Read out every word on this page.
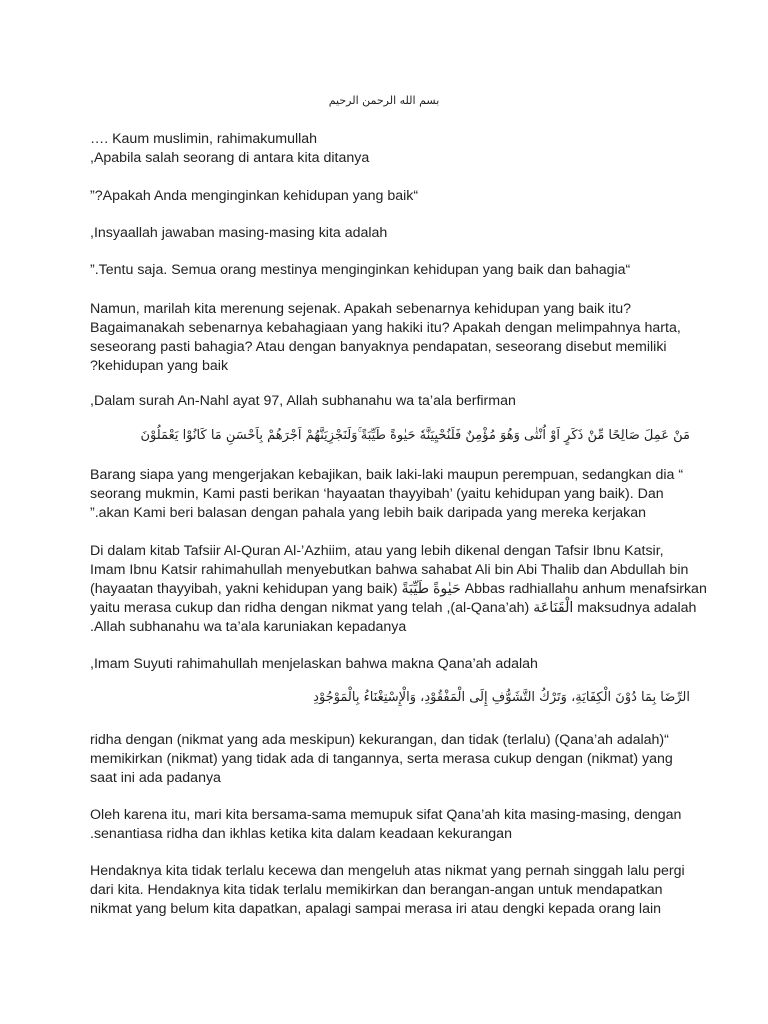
بسم الله الرحمن الرحيم
…. Kaum muslimin, rahimakumullah
,Apabila salah seorang di antara kita ditanya
”?Apakah Anda menginginkan kehidupan yang baik“
,Insyaallah jawaban masing-masing kita adalah
”.Tentu saja. Semua orang mestinya menginginkan kehidupan yang baik dan bahagia“
Namun, marilah kita merenung sejenak. Apakah sebenarnya kehidupan yang baik itu?
Bagaimanakah sebenarnya kebahagiaan yang hakiki itu? Apakah dengan melimpahnya harta,
seseorang pasti bahagia? Atau dengan banyaknya pendapatan, seseorang disebut memiliki
?kehidupan yang baik
,Dalam surah An-Nahl ayat 97, Allah subhanahu wa ta’ala berfirman
مَنْ عَمِلَ صَالِحًا مِّنْ ذَكَرٍ اَوْ اُنْثٰى وَهُوَ مُؤْمِنٌ فَلَنُحْيِيَنَّهٗ حَيٰوةً طَيِّبَةً ۚوَلَنَجْزِيَنَّهُمْ اَجْرَهُمْ بِاَحْسَنِ مَا كَانُوْا يَعْمَلُوْنَ
Barang siapa yang mengerjakan kebajikan, baik laki-laki maupun perempuan, sedangkan dia “
seorang mukmin, Kami pasti berikan ‘hayaatan thayyibah’ (yaitu kehidupan yang baik). Dan
”.akan Kami beri balasan dengan pahala yang lebih baik daripada yang mereka kerjakan
Di dalam kitab Tafsiir Al-Quran Al-’Azhiim, atau yang lebih dikenal dengan Tafsir Ibnu Katsir,
Imam Ibnu Katsir rahimahullah menyebutkan bahwa sahabat Ali bin Abi Thalib dan Abdullah bin
(hayaatan thayyibah, yakni kehidupan yang baik) حَيٰوةً طَيِّبَةً Abbas radhiallahu anhum menafsirkan
yaitu merasa cukup dan ridha dengan nikmat yang telah ,(al-Qana’ah) الْقَنَاعَة maksudnya adalah
.Allah subhanahu wa ta’ala karuniakan kepadanya
,Imam Suyuti rahimahullah menjelaskan bahwa makna Qana’ah adalah
الرِّضَا بِمَا دُوْنَ الْكِفَايَةِ، وَتَرْكُ التَّشَوُّفِ إِلَى الْمَفْقُوْدِ، وَالْإِسْتِغْنَاءُ بِالْمَوْجُوْدِ
ridha dengan (nikmat yang ada meskipun) kekurangan, dan tidak (terlalu) (Qana’ah adalah)“
memikirkan (nikmat) yang tidak ada di tangannya, serta merasa cukup dengan (nikmat) yang
saat ini ada padanya
Oleh karena itu, mari kita bersama-sama memupuk sifat Qana’ah kita masing-masing, dengan
.senantiasa ridha dan ikhlas ketika kita dalam keadaan kekurangan
Hendaknya kita tidak terlalu kecewa dan mengeluh atas nikmat yang pernah singgah lalu pergi
dari kita. Hendaknya kita tidak terlalu memikirkan dan berangan-angan untuk mendapatkan
nikmat yang belum kita dapatkan, apalagi sampai merasa iri atau dengki kepada orang lain
